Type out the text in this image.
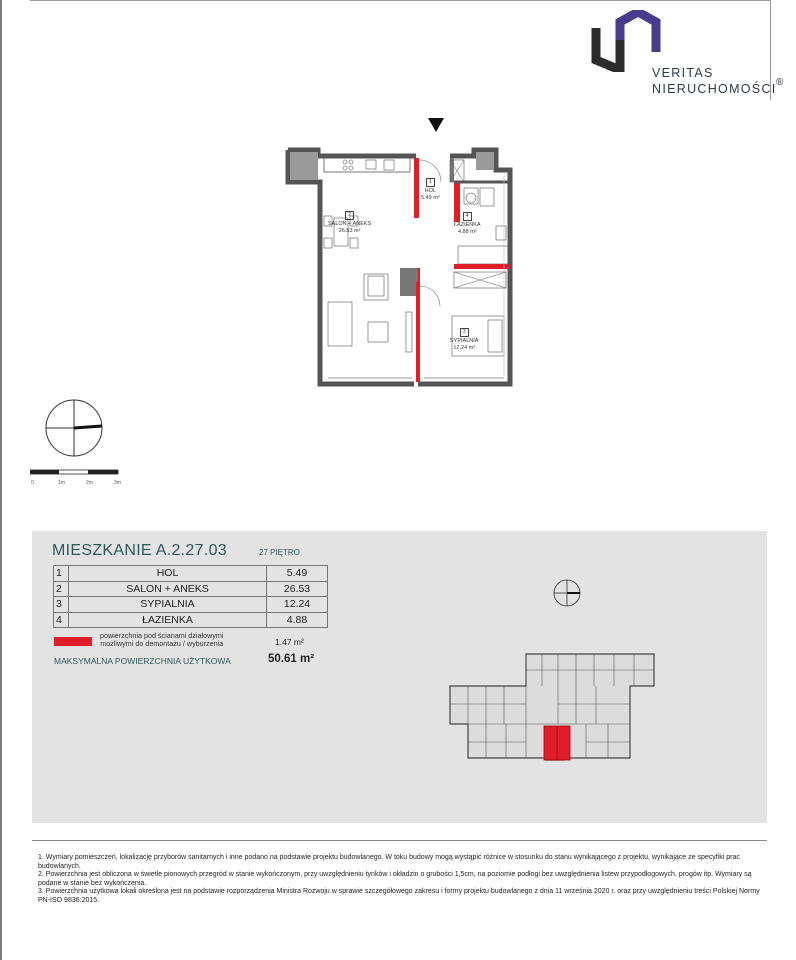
VERITAS
NIERUCHOMOŚCI ®
1
HOL
5.49 m²
2
SALON + ANEKS
26.53 m²
4
ŁAZIENKA
4.88 m²
3
SYPIALNIA
12.24 m²
0	1m	2m	3m
MIESZKANIE A.2.27.03	27 PIĘTRO
1	HOL	5.49
2	SALON + ANEKS	26.53
3	SYPIALNIA	12.24
4	ŁAZIENKA	4.88
powierzchnia pod ścianami działowymi
możliwymi do demontażu / wyburzenia	1.47 m²
MAKSYMALNA POWIERZCHNIA UŻYTKOWA	50.61 m²

1. Wymiary pomieszczeń, lokalizację przyborów sanitarnych i inne podano na podstawie projektu budowlanego. W toku budowy mogą wystąpić różnice w stosunku do stanu wynikającego z projektu, wynikające ze specyfiki prac budowlanych.

2. Powierzchnia jest obliczona w świetle pionowych przegród w stanie wykończonym, przy uwzględnieniu tynków i okładzin o grubości 1,5cm, na poziomie podłogi bez uwzględnienia listew przypodłogowych, progów itp. Wymiary są podane w stanie bez wykończenia.

3. Powierzchnia użytkowa lokali określona jest na podstawie rozporządzenia Ministra Rozwoju w sprawie szczegółowego zakresu i formy projektu budowlanego z dnia 11 września 2020 r. oraz przy uwzględnieniu treści Polskiej Normy PN-ISO 9836:2015.
